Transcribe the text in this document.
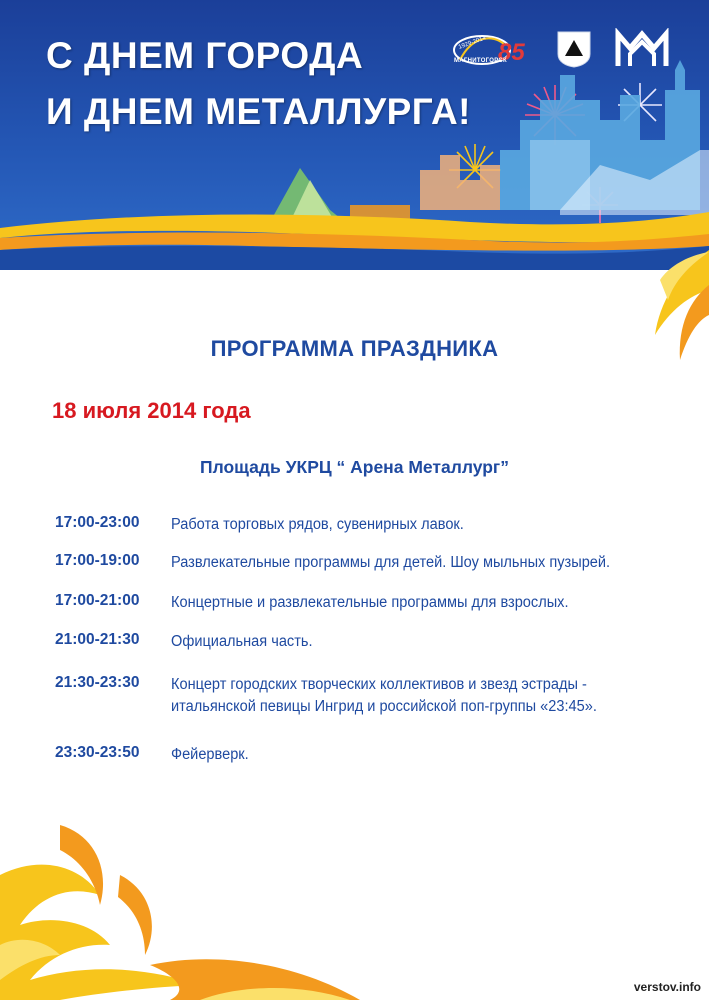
С ДНЕМ ГОРОДА
И ДНЕМ МЕТАЛЛУРГА!
85
1929-2014
МАГНИТОГОРСК
ПРОГРАММА ПРАЗДНИКА
18 июля 2014 года
Площадь УКРЦ “ Арена Металлург”
17:00-23:00	Работа торговых рядов, сувенирных лавок.
17:00-19:00	Развлекательные программы для детей. Шоу мыльных пузырей.
17:00-21:00	Концертные и развлекательные программы для взрослых.
21:00-21:30	Официальная часть.
21:30-23:30	Концерт городских творческих коллективов и звезд эстрады - итальянской певицы Ингрид и российской поп-группы «23:45».
23:30-23:50	Фейерверк.
verstov.info
